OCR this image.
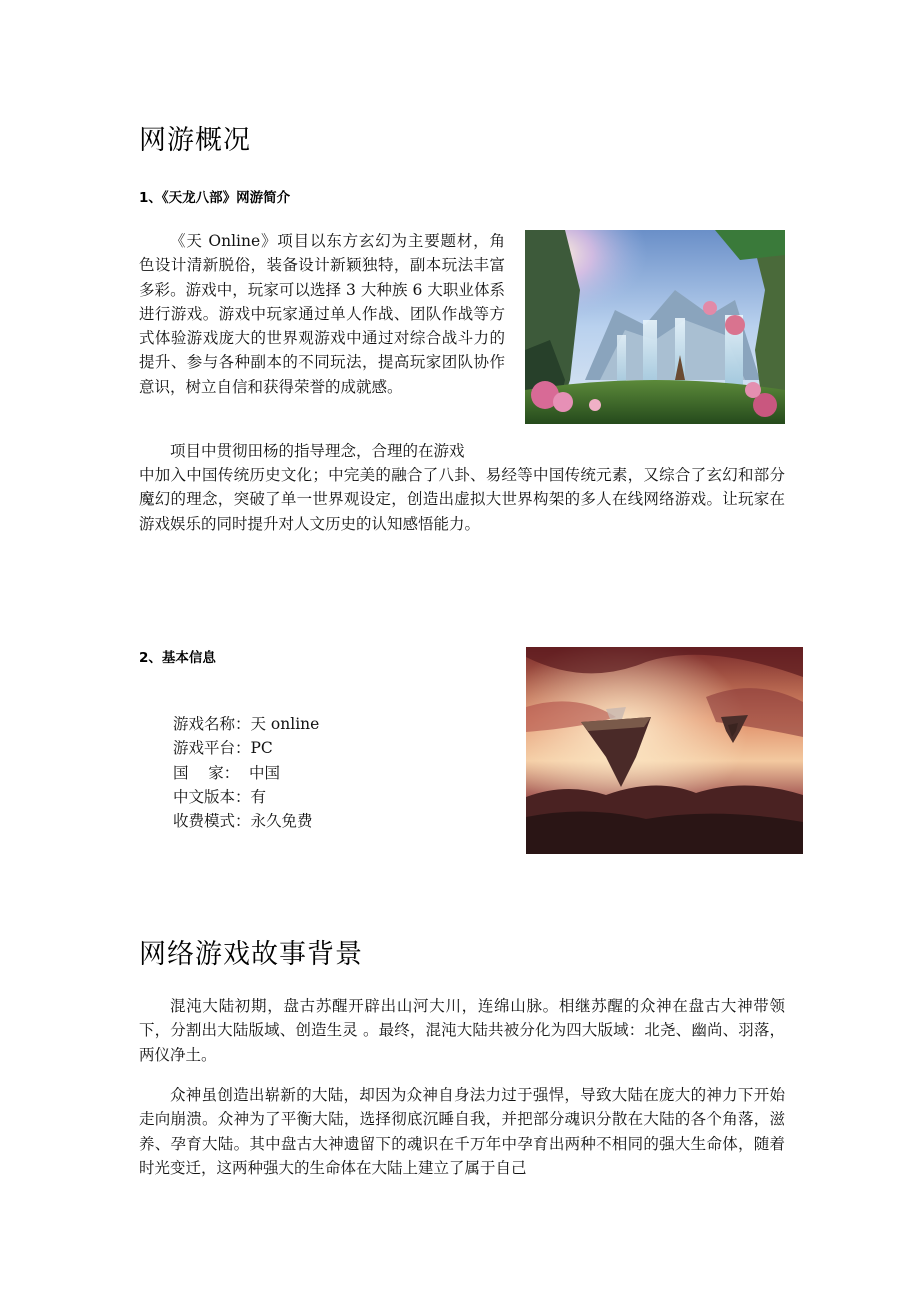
网游概况
1、《天龙八部》网游简介

《天 Online》项目以东方玄幻为主要题材，角色设计清新脱俗，装备设计新颖独特，副本玩法丰富多彩。游戏中，玩家可以选择 3 大种族 6 大职业体系进行游戏。游戏中玩家通过单人作战、团队作战等方式体验游戏庞大的世界观游戏中通过对综合战斗力的提升、参与各种副本的不同玩法，提高玩家团队协作意识，树立自信和获得荣誉的成就感。

项目中贯彻田杨的指导理念，合理的在游戏

中加入中国传统历史文化；中完美的融合了八卦、易经等中国传统元素，又综合了玄幻和部分魔幻的理念，突破了单一世界观设定，创造出虚拟大世界构架的多人在线网络游戏。让玩家在游戏娱乐的同时提升对人文历史的认知感悟能力。

2、基本信息
游戏名称：天 online
游戏平台：PC
国    家：  中国
中文版本：有
收费模式：永久免费
网络游戏故事背景

混沌大陆初期，盘古苏醒开辟出山河大川，连绵山脉。相继苏醒的众神在盘古大神带领下，分割出大陆版域、创造生灵 。最终，混沌大陆共被分化为四大版域：北尧、幽尚、羽落，两仪净土。

众神虽创造出崭新的大陆，却因为众神自身法力过于强悍，导致大陆在庞大的神力下开始走向崩溃。众神为了平衡大陆，选择彻底沉睡自我，并把部分魂识分散在大陆的各个角落，滋养、孕育大陆。其中盘古大神遗留下的魂识在千万年中孕育出两种不相同的强大生命体，随着时光变迁，这两种强大的生命体在大陆上建立了属于自己
